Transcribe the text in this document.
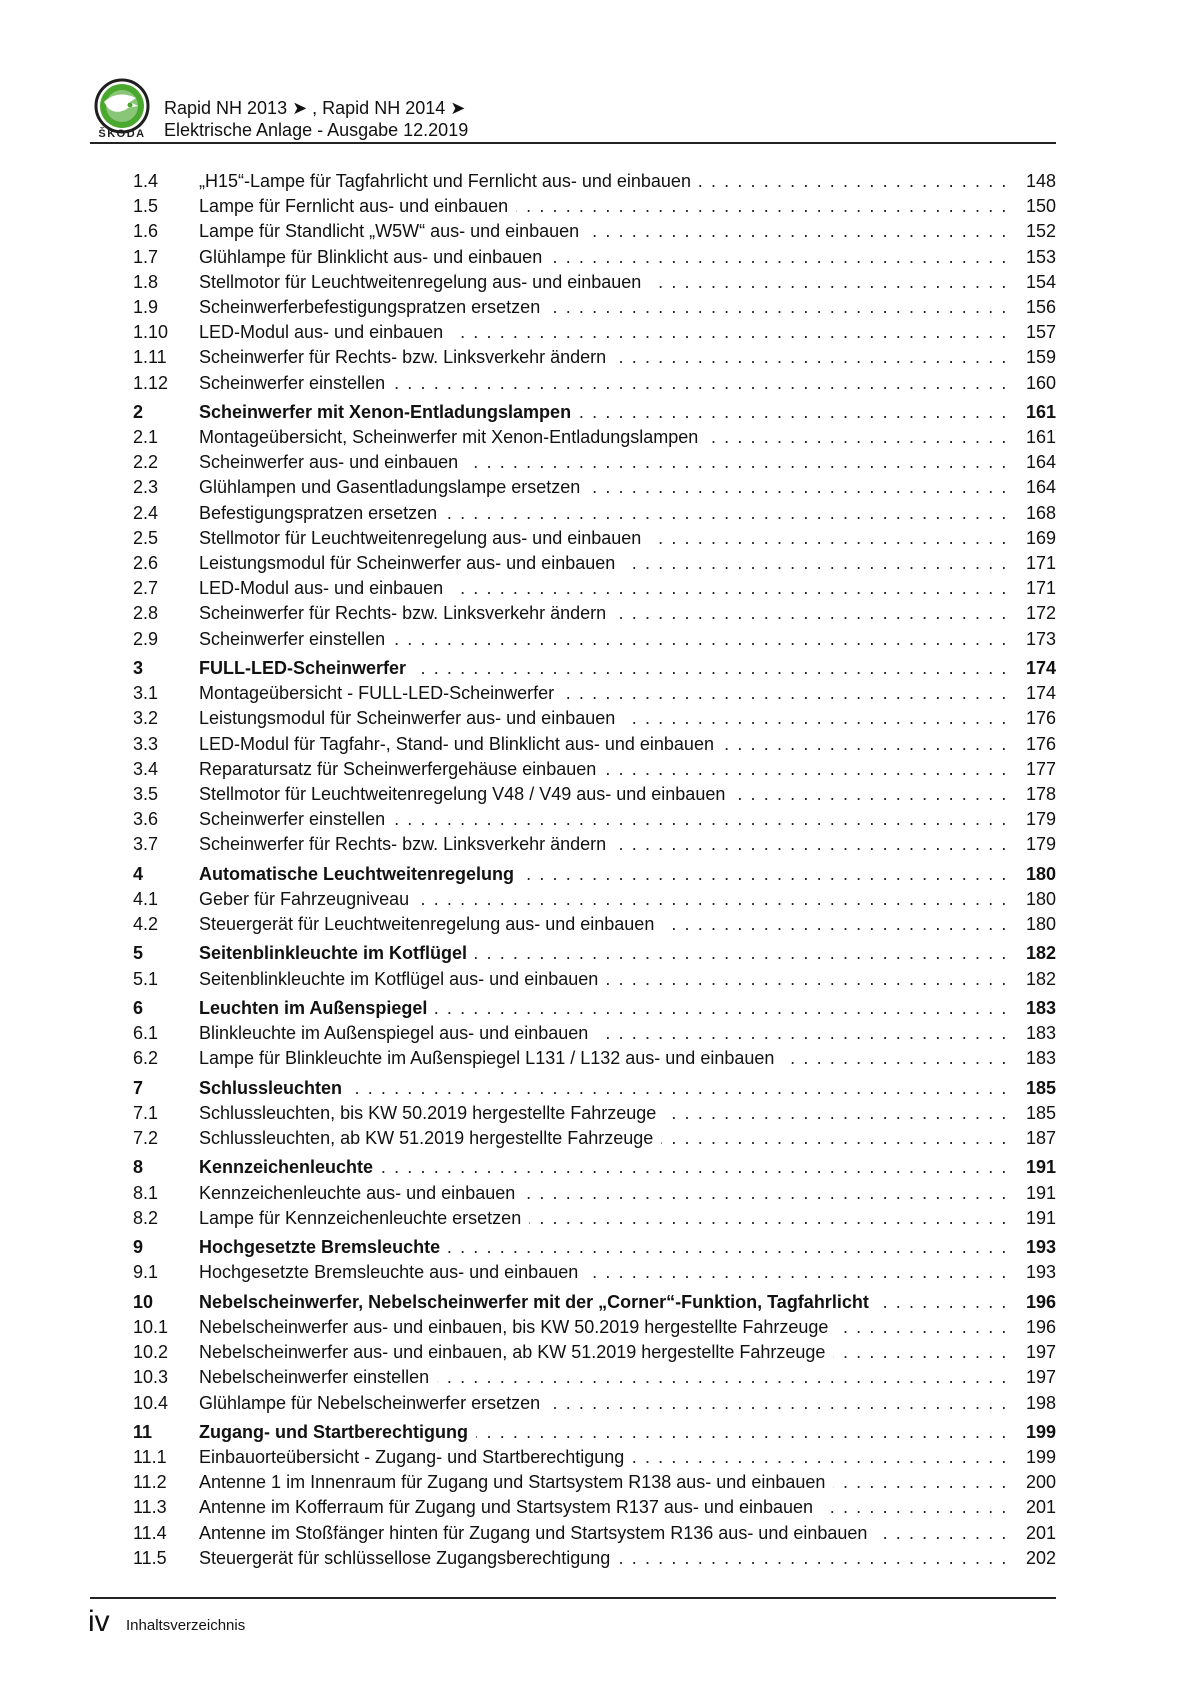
ŠKODA
Rapid NH 2013 ➤ , Rapid NH 2014 ➤
Elektrische Anlage - Ausgabe 12.2019
1.4	„H15“-Lampe für Tagfahrlicht und Fernlicht aus- und einbauen . . .	148
1.5	Lampe für Fernlicht aus- und einbauen . . .	150
1.6	Lampe für Standlicht „W5W“ aus- und einbauen . . .	152
1.7	Glühlampe für Blinklicht aus- und einbauen . . .	153
1.8	Stellmotor für Leuchtweitenregelung aus- und einbauen . . .	154
1.9	Scheinwerferbefestigungspratzen ersetzen . . .	156
1.10	LED-Modul aus- und einbauen . . .	157
1.11	Scheinwerfer für Rechts- bzw. Linksverkehr ändern . . .	159
1.12	Scheinwerfer einstellen . . .	160
2	Scheinwerfer mit Xenon-Entladungslampen . . .	161
2.1	Montageübersicht, Scheinwerfer mit Xenon-Entladungslampen . . .	161
2.2	Scheinwerfer aus- und einbauen . . .	164
2.3	Glühlampen und Gasentladungslampe ersetzen . . .	164
2.4	Befestigungspratzen ersetzen . . .	168
2.5	Stellmotor für Leuchtweitenregelung aus- und einbauen . . .	169
2.6	Leistungsmodul für Scheinwerfer aus- und einbauen . . .	171
2.7	LED-Modul aus- und einbauen . . .	171
2.8	Scheinwerfer für Rechts- bzw. Linksverkehr ändern . . .	172
2.9	Scheinwerfer einstellen . . .	173
3	FULL-LED-Scheinwerfer . . .	174
3.1	Montageübersicht - FULL-LED-Scheinwerfer . . .	174
3.2	Leistungsmodul für Scheinwerfer aus- und einbauen . . .	176
3.3	LED-Modul für Tagfahr-, Stand- und Blinklicht aus- und einbauen . . .	176
3.4	Reparatursatz für Scheinwerfergehäuse einbauen . . .	177
3.5	Stellmotor für Leuchtweitenregelung V48 / V49 aus- und einbauen . . .	178
3.6	Scheinwerfer einstellen . . .	179
3.7	Scheinwerfer für Rechts- bzw. Linksverkehr ändern . . .	179
4	Automatische Leuchtweitenregelung . . .	180
4.1	Geber für Fahrzeugniveau . . .	180
4.2	Steuergerät für Leuchtweitenregelung aus- und einbauen . . .	180
5	Seitenblinkleuchte im Kotflügel . . .	182
5.1	Seitenblinkleuchte im Kotflügel aus- und einbauen . . .	182
6	Leuchten im Außenspiegel . . .	183
6.1	Blinkleuchte im Außenspiegel aus- und einbauen . . .	183
6.2	Lampe für Blinkleuchte im Außenspiegel L131 / L132 aus- und einbauen . . .	183
7	Schlussleuchten . . .	185
7.1	Schlussleuchten, bis KW 50.2019 hergestellte Fahrzeuge . . .	185
7.2	Schlussleuchten, ab KW 51.2019 hergestellte Fahrzeuge . . .	187
8	Kennzeichenleuchte . . .	191
8.1	Kennzeichenleuchte aus- und einbauen . . .	191
8.2	Lampe für Kennzeichenleuchte ersetzen . . .	191
9	Hochgesetzte Bremsleuchte . . .	193
9.1	Hochgesetzte Bremsleuchte aus- und einbauen . . .	193
10	Nebelscheinwerfer, Nebelscheinwerfer mit der „Corner“-Funktion, Tagfahrlicht . . .	196
10.1	Nebelscheinwerfer aus- und einbauen, bis KW 50.2019 hergestellte Fahrzeuge . . .	196
10.2	Nebelscheinwerfer aus- und einbauen, ab KW 51.2019 hergestellte Fahrzeuge . . .	197
10.3	Nebelscheinwerfer einstellen . . .	197
10.4	Glühlampe für Nebelscheinwerfer ersetzen . . .	198
11	Zugang- und Startberechtigung . . .	199
11.1	Einbauorteübersicht - Zugang- und Startberechtigung . . .	199
11.2	Antenne 1 im Innenraum für Zugang und Startsystem R138 aus- und einbauen . . .	200
11.3	Antenne im Kofferraum für Zugang und Startsystem R137 aus- und einbauen . . .	201
11.4	Antenne im Stoßfänger hinten für Zugang und Startsystem R136 aus- und einbauen . . .	201
11.5	Steuergerät für schlüssellose Zugangsberechtigung . . .	202
iv Inhaltsverzeichnis
